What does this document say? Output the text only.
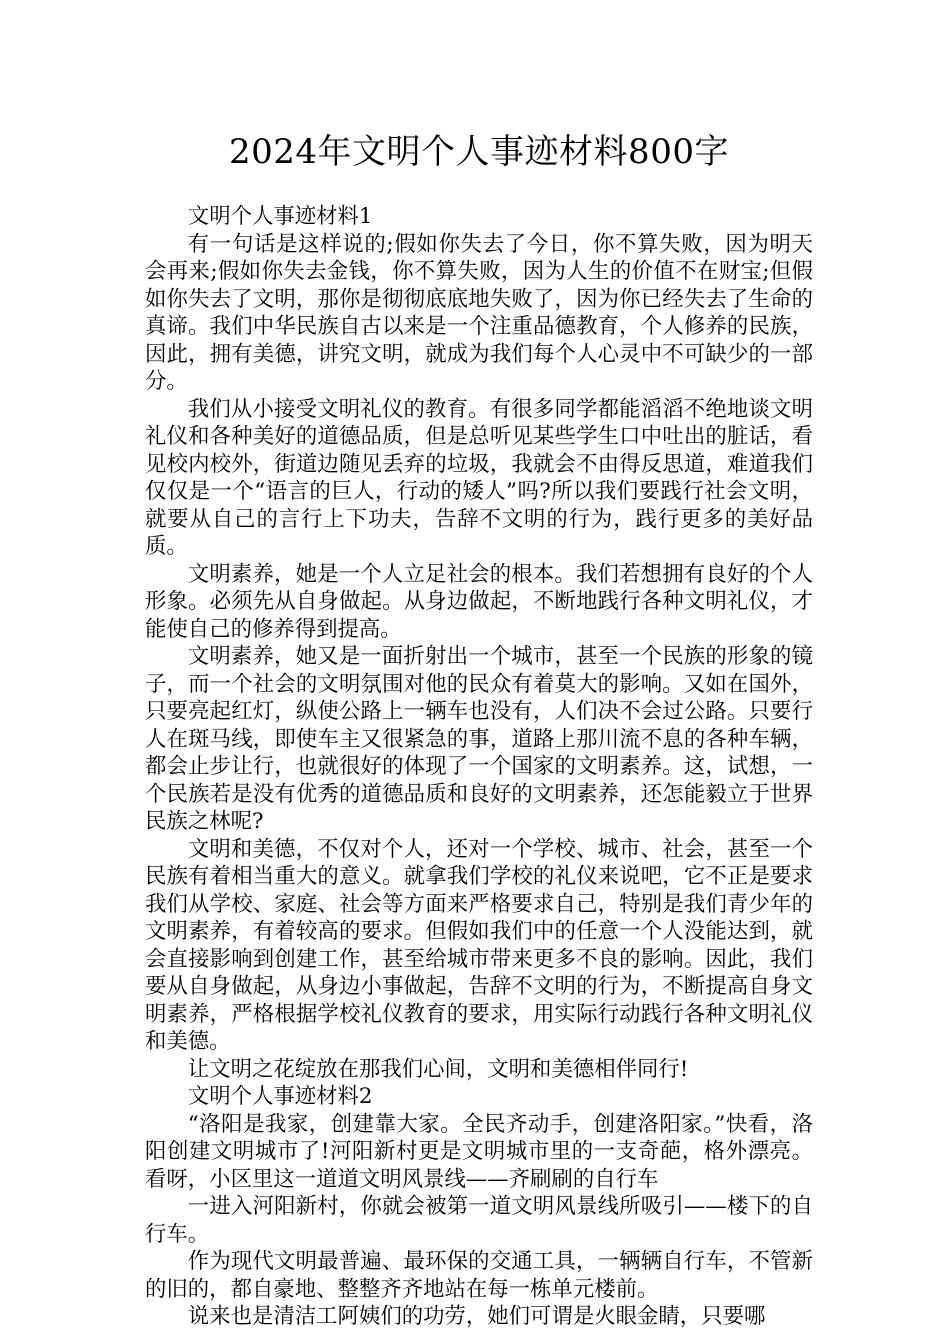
2024年文明个人事迹材料800字

文明个人事迹材料1

有一句话是这样说的;假如你失去了今日，你不算失败，因为明天会再来;假如你失去金钱，你不算失败，因为人生的价值不在财宝;但假如你失去了文明，那你是彻彻底底地失败了，因为你已经失去了生命的真谛。我们中华民族自古以来是一个注重品德教育，个人修养的民族，因此，拥有美德，讲究文明，就成为我们每个人心灵中不可缺少的一部分。

我们从小接受文明礼仪的教育。有很多同学都能滔滔不绝地谈文明礼仪和各种美好的道德品质，但是总听见某些学生口中吐出的脏话，看见校内校外，街道边随见丢弃的垃圾，我就会不由得反思道，难道我们仅仅是一个“语言的巨人，行动的矮人”吗?所以我们要践行社会文明，就要从自己的言行上下功夫，告辞不文明的行为，践行更多的美好品质。

文明素养，她是一个人立足社会的根本。我们若想拥有良好的个人形象。必须先从自身做起。从身边做起，不断地践行各种文明礼仪，才能使自己的修养得到提高。

文明素养，她又是一面折射出一个城市，甚至一个民族的形象的镜子，而一个社会的文明氛围对他的民众有着莫大的影响。又如在国外，只要亮起红灯，纵使公路上一辆车也没有，人们决不会过公路。只要行人在斑马线，即使车主又很紧急的事，道路上那川流不息的各种车辆，都会止步让行，也就很好的体现了一个国家的文明素养。这，试想，一个民族若是没有优秀的道德品质和良好的文明素养，还怎能毅立于世界民族之林呢?

文明和美德，不仅对个人，还对一个学校、城市、社会，甚至一个民族有着相当重大的意义。就拿我们学校的礼仪来说吧，它不正是要求我们从学校、家庭、社会等方面来严格要求自己，特别是我们青少年的文明素养，有着较高的要求。但假如我们中的任意一个人没能达到，就会直接影响到创建工作，甚至给城市带来更多不良的影响。因此，我们要从自身做起，从身边小事做起，告辞不文明的行为，不断提高自身文明素养，严格根据学校礼仪教育的要求，用实际行动践行各种文明礼仪和美德。

让文明之花绽放在那我们心间，文明和美德相伴同行!

文明个人事迹材料2

“洛阳是我家，创建靠大家。全民齐动手，创建洛阳家。”快看，洛阳创建文明城市了!河阳新村更是文明城市里的一支奇葩，格外漂亮。看呀，小区里这一道道文明风景线——齐刷刷的自行车

一进入河阳新村，你就会被第一道文明风景线所吸引——楼下的自行车。

作为现代文明最普遍、最环保的交通工具，一辆辆自行车，不管新的旧的，都自豪地、整整齐齐地站在每一栋单元楼前。

说来也是清洁工阿姨们的功劳，她们可谓是火眼金睛，只要哪
